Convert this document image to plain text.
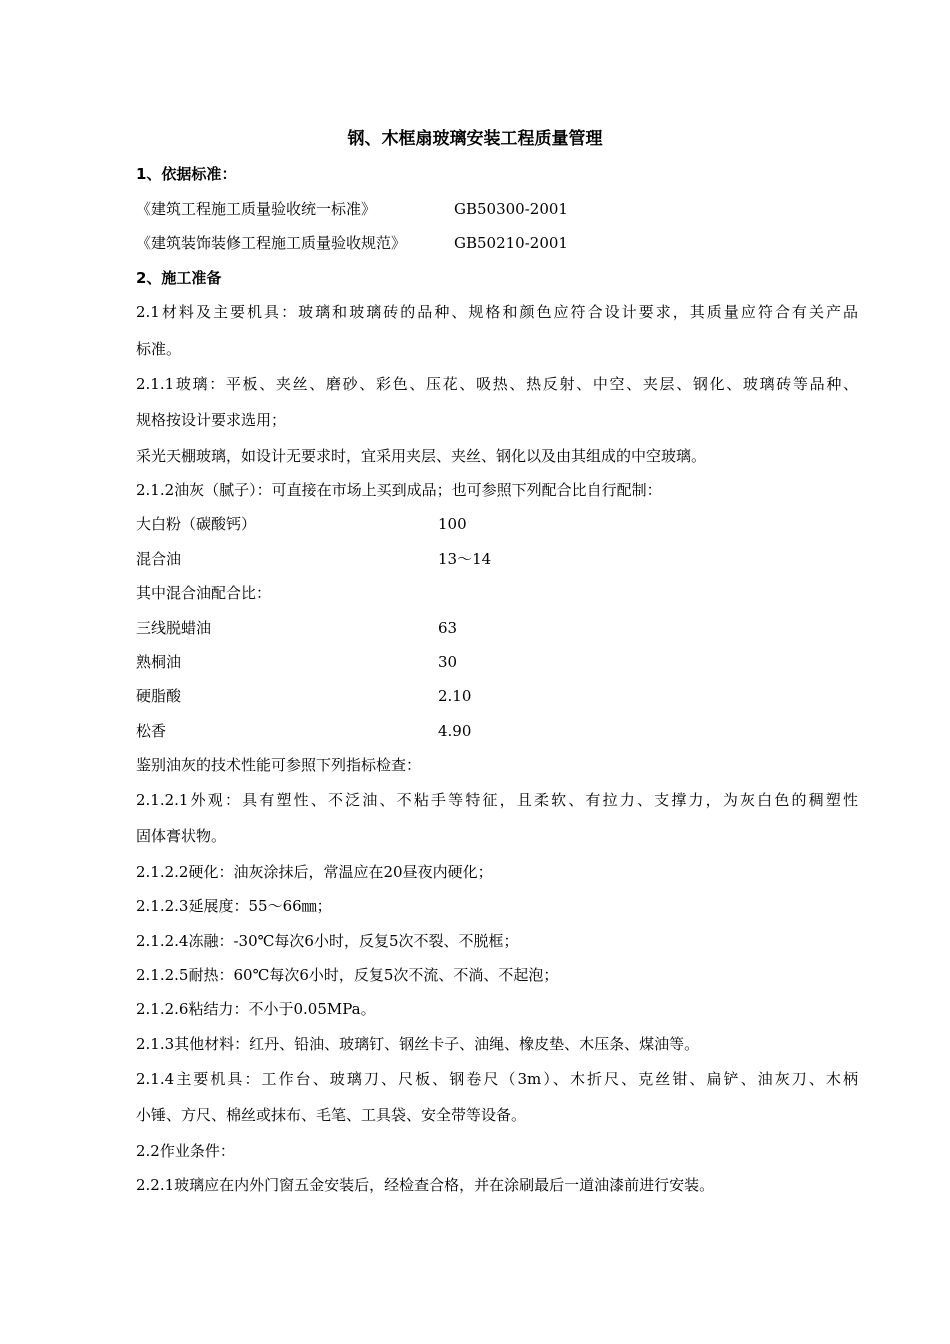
钢、木框扇玻璃安装工程质量管理
1、依据标准：
《建筑工程施工质量验收统一标准》	GB50300-2001
《建筑装饰装修工程施工质量验收规范》	GB50210-2001
2、施工准备
2.1材料及主要机具：玻璃和玻璃砖的品种、规格和颜色应符合设计要求，其质量应符合有关产品
标准。
2.1.1玻璃：平板、夹丝、磨砂、彩色、压花、吸热、热反射、中空、夹层、钢化、玻璃砖等品种、
规格按设计要求选用；
采光天棚玻璃，如设计无要求时，宜采用夹层、夹丝、钢化以及由其组成的中空玻璃。
2.1.2油灰（腻子）：可直接在市场上买到成品；也可参照下列配合比自行配制：
大白粉（碳酸钙）	100
混合油	13～14
其中混合油配合比：
三线脱蜡油	63
熟桐油	30
硬脂酸	2.10
松香	4.90
鉴别油灰的技术性能可参照下列指标检查：
2.1.2.1外观：具有塑性、不泛油、不粘手等特征，且柔软、有拉力、支撑力，为灰白色的稠塑性
固体膏状物。
2.1.2.2硬化：油灰涂抹后，常温应在20昼夜内硬化；
2.1.2.3延展度：55～66㎜；
2.1.2.4冻融：-30℃每次6小时，反复5次不裂、不脱框；
2.1.2.5耐热：60℃每次6小时，反复5次不流、不淌、不起泡；
2.1.2.6粘结力：不小于0.05MPa。
2.1.3其他材料：红丹、铅油、玻璃钉、钢丝卡子、油绳、橡皮垫、木压条、煤油等。
2.1.4主要机具：工作台、玻璃刀、尺板、钢卷尺（3m）、木折尺、克丝钳、扁铲、油灰刀、木柄
小锤、方尺、棉丝或抹布、毛笔、工具袋、安全带等设备。
2.2作业条件：
2.2.1玻璃应在内外门窗五金安装后，经检查合格，并在涂刷最后一道油漆前进行安装。
